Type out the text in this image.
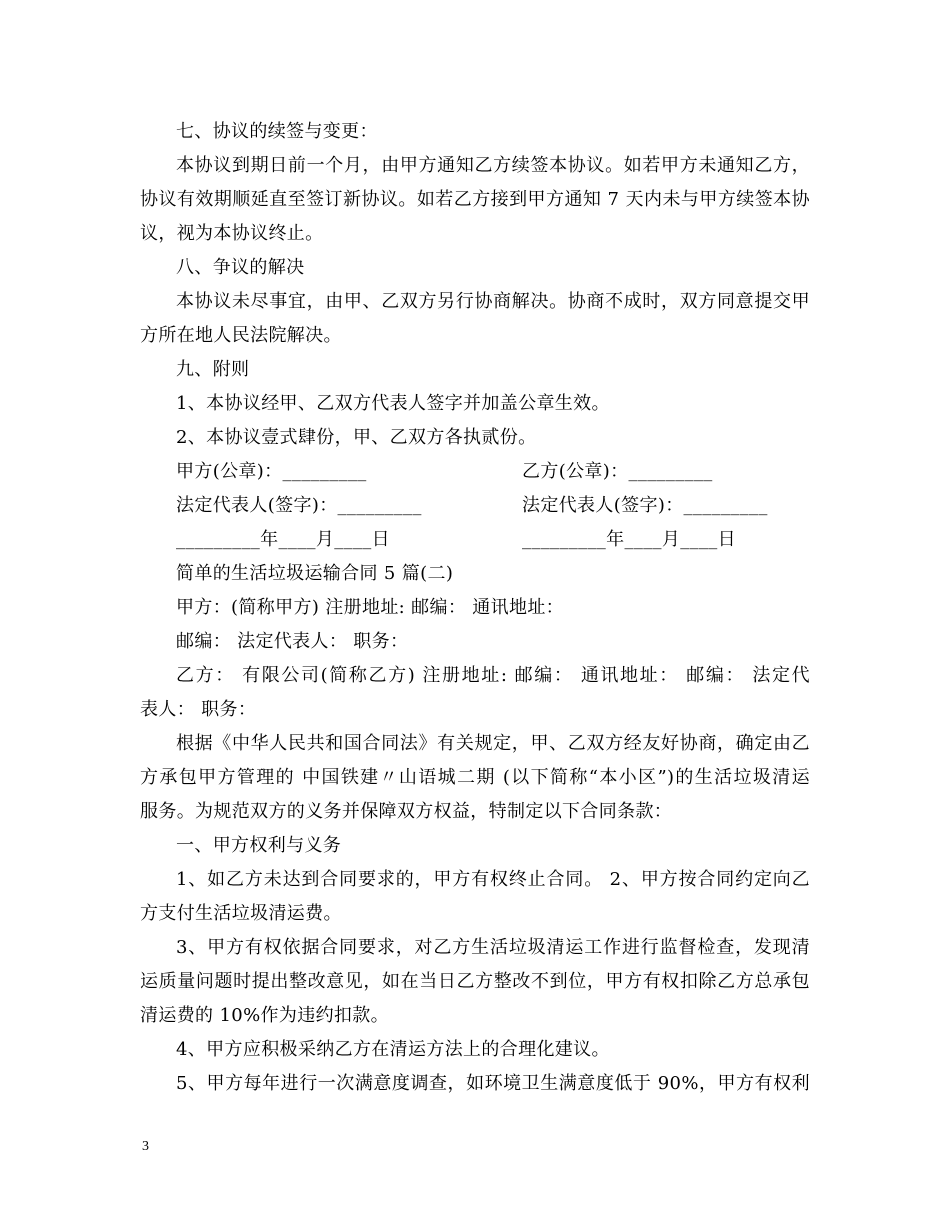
七、协议的续签与变更：
本协议到期日前一个月，由甲方通知乙方续签本协议。如若甲方未通知乙方，
协议有效期顺延直至签订新协议。如若乙方接到甲方通知 7 天内未与甲方续签本协
议，视为本协议终止。
八、争议的解决
本协议未尽事宜，由甲、乙双方另行协商解决。协商不成时，双方同意提交甲
方所在地人民法院解决。
九、附则
1、本协议经甲、乙双方代表人签字并加盖公章生效。
2、本协议壹式肆份，甲、乙双方各执贰份。
甲方(公章)：_________	乙方(公章)：_________
法定代表人(签字)：_________	法定代表人(签字)：_________
_________年____月____日	_________年____月____日
简单的生活垃圾运输合同 5 篇(二)
甲方：(简称甲方) 注册地址: 邮编： 通讯地址：
邮编： 法定代表人： 职务：
乙方： 有限公司(简称乙方) 注册地址: 邮编： 通讯地址： 邮编： 法定代
表人： 职务：
根据《中华人民共和国合同法》有关规定，甲、乙双方经友好协商，确定由乙
方承包甲方管理的 中国铁建〃山语城二期 (以下简称“本小区”)的生活垃圾清运
服务。为规范双方的义务并保障双方权益，特制定以下合同条款：
一、甲方权利与义务
1、如乙方未达到合同要求的，甲方有权终止合同。 2、甲方按合同约定向乙
方支付生活垃圾清运费。
3、甲方有权依据合同要求，对乙方生活垃圾清运工作进行监督检查，发现清
运质量问题时提出整改意见，如在当日乙方整改不到位，甲方有权扣除乙方总承包
清运费的 10%作为违约扣款。
4、甲方应积极采纳乙方在清运方法上的合理化建议。
5、甲方每年进行一次满意度调查，如环境卫生满意度低于 90%，甲方有权利
3
